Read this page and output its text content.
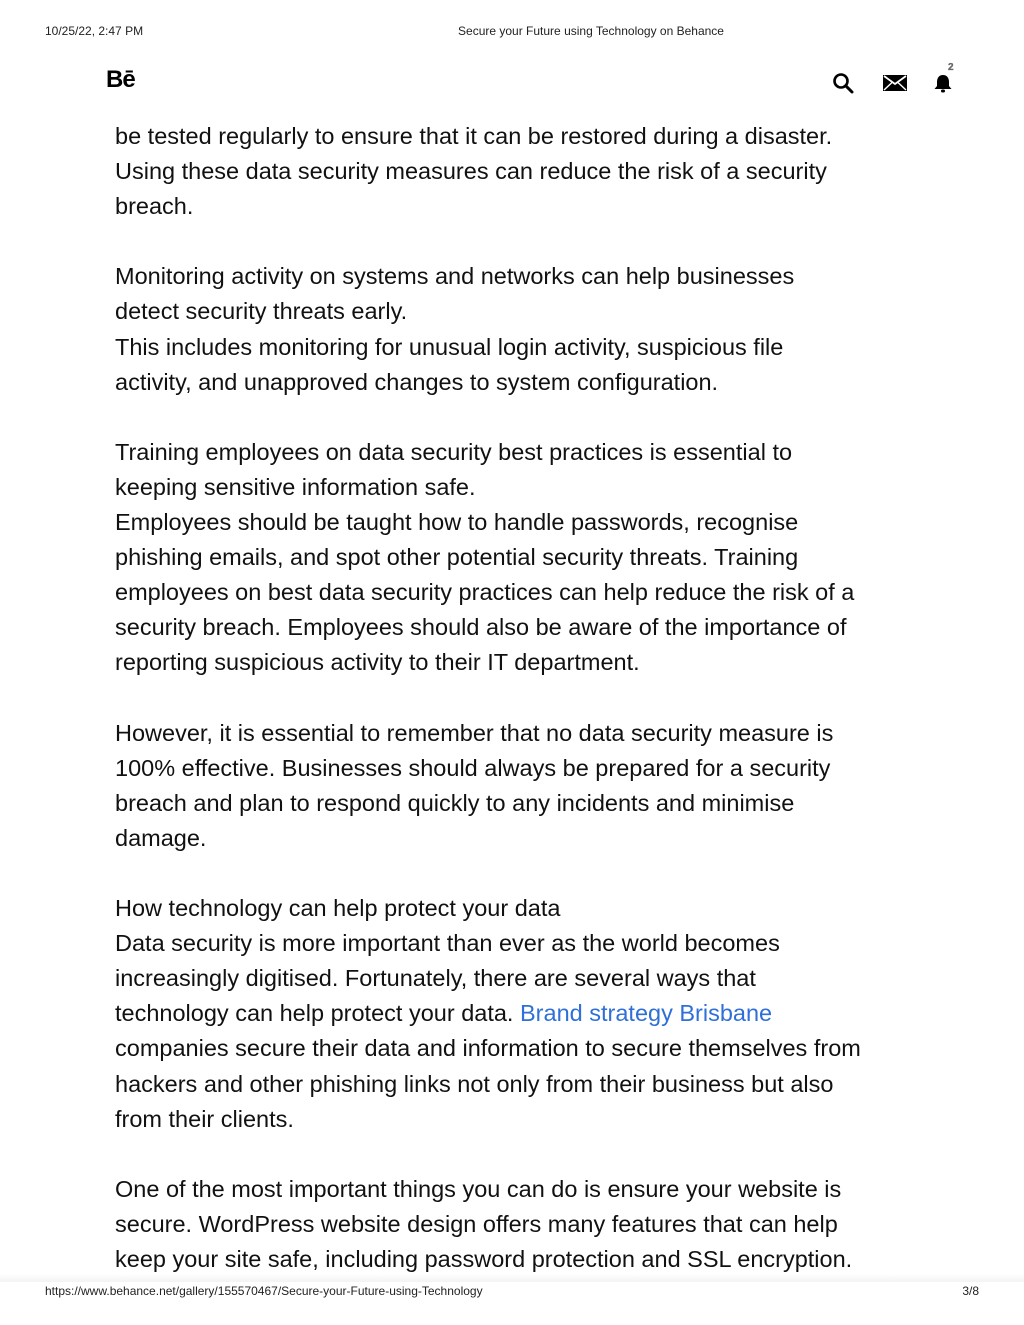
10/25/22, 2:47 PM	Secure your Future using Technology on Behance
Bē	2

be tested regularly to ensure that it can be restored during a disaster.
Using these data security measures can reduce the risk of a security
breach.

Monitoring activity on systems and networks can help businesses
detect security threats early.
This includes monitoring for unusual login activity, suspicious file
activity, and unapproved changes to system configuration.

Training employees on data security best practices is essential to
keeping sensitive information safe.
Employees should be taught how to handle passwords, recognise
phishing emails, and spot other potential security threats. Training
employees on best data security practices can help reduce the risk of a
security breach. Employees should also be aware of the importance of
reporting suspicious activity to their IT department.

However, it is essential to remember that no data security measure is
100% effective. Businesses should always be prepared for a security
breach and plan to respond quickly to any incidents and minimise
damage.

How technology can help protect your data
Data security is more important than ever as the world becomes
increasingly digitised. Fortunately, there are several ways that
technology can help protect your data. Brand strategy Brisbane
companies secure their data and information to secure themselves from
hackers and other phishing links not only from their business but also
from their clients.

One of the most important things you can do is ensure your website is
secure. WordPress website design offers many features that can help
keep your site safe, including password protection and SSL encryption.

https://www.behance.net/gallery/155570467/Secure-your-Future-using-Technology	3/8
